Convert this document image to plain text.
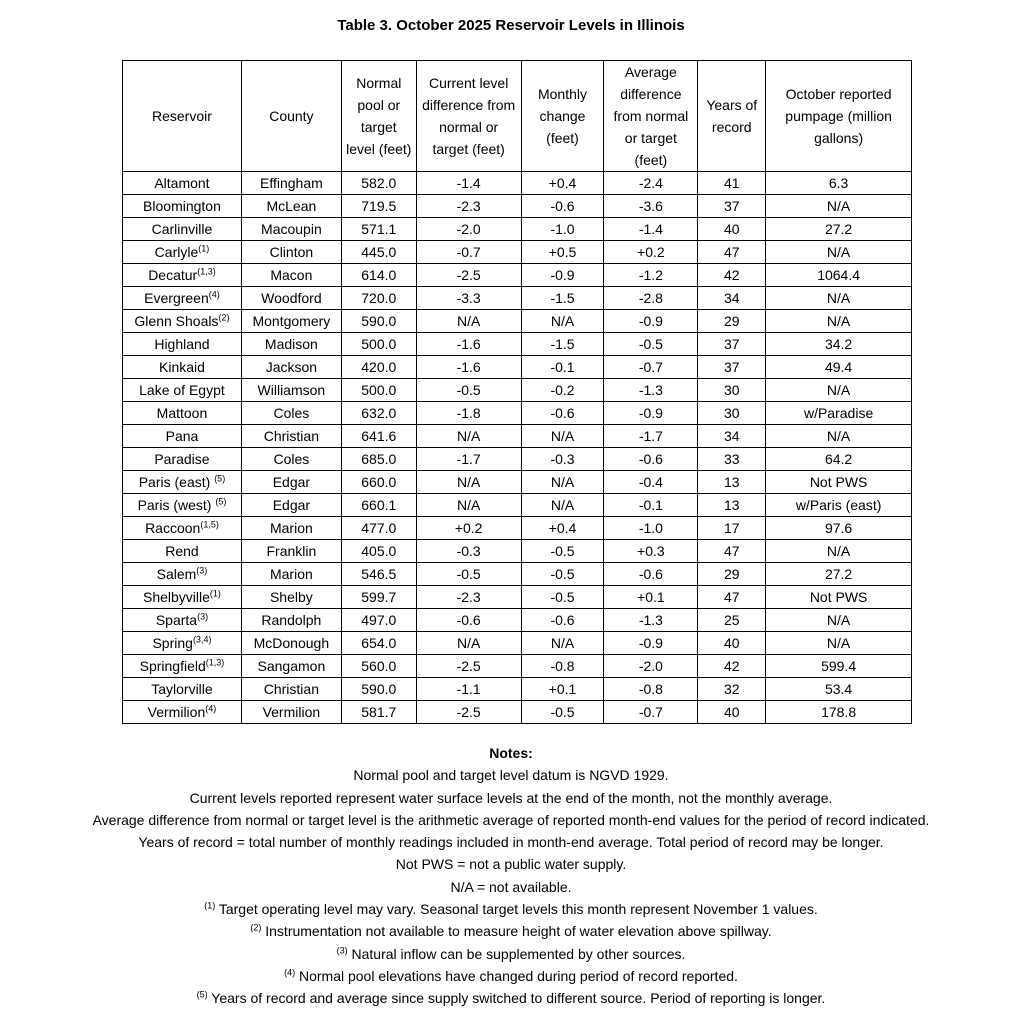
Table 3. October 2025 Reservoir Levels in Illinois
Reservoir	County	Normal pool or target level (feet)	Current level difference from normal or target (feet)	Monthly change (feet)	Average difference from normal or target (feet)	Years of record	October reported pumpage (million gallons)
Altamont	Effingham	582.0	-1.4	+0.4	-2.4	41	6.3
Bloomington	McLean	719.5	-2.3	-0.6	-3.6	37	N/A
Carlinville	Macoupin	571.1	-2.0	-1.0	-1.4	40	27.2
Carlyle$^{(1)}$	Clinton	445.0	-0.7	+0.5	+0.2	47	N/A
Decatur$^{(1,3)}$	Macon	614.0	-2.5	-0.9	-1.2	42	1064.4
Evergreen$^{(4)}$	Woodford	720.0	-3.3	-1.5	-2.8	34	N/A
Glenn Shoals$^{(2)}$	Montgomery	590.0	N/A	N/A	-0.9	29	N/A
Highland	Madison	500.0	-1.6	-1.5	-0.5	37	34.2
Kinkaid	Jackson	420.0	-1.6	-0.1	-0.7	37	49.4
Lake of Egypt	Williamson	500.0	-0.5	-0.2	-1.3	30	N/A
Mattoon	Coles	632.0	-1.8	-0.6	-0.9	30	w/Paradise
Pana	Christian	641.6	N/A	N/A	-1.7	34	N/A
Paradise	Coles	685.0	-1.7	-0.3	-0.6	33	64.2
Paris (east) $^{(5)}$	Edgar	660.0	N/A	N/A	-0.4	13	Not PWS
Paris (west) $^{(5)}$	Edgar	660.1	N/A	N/A	-0.1	13	w/Paris (east)
Raccoon$^{(1,5)}$	Marion	477.0	+0.2	+0.4	-1.0	17	97.6
Rend	Franklin	405.0	-0.3	-0.5	+0.3	47	N/A
Salem$^{(3)}$	Marion	546.5	-0.5	-0.5	-0.6	29	27.2
Shelbyville$^{(1)}$	Shelby	599.7	-2.3	-0.5	+0.1	47	Not PWS
Sparta$^{(3)}$	Randolph	497.0	-0.6	-0.6	-1.3	25	N/A
Spring$^{(3,4)}$	McDonough	654.0	N/A	N/A	-0.9	40	N/A
Springfield$^{(1,3)}$	Sangamon	560.0	-2.5	-0.8	-2.0	42	599.4
Taylorville	Christian	590.0	-1.1	+0.1	-0.8	32	53.4
Vermilion$^{(4)}$	Vermilion	581.7	-2.5	-0.5	-0.7	40	178.8
Notes:
Normal pool and target level datum is NGVD 1929.
Current levels reported represent water surface levels at the end of the month, not the monthly average.
Average difference from normal or target level is the arithmetic average of reported month-end values for the period of record indicated.
Years of record = total number of monthly readings included in month-end average. Total period of record may be longer.
Not PWS = not a public water supply.
N/A = not available.
$^{(1)}$ Target operating level may vary. Seasonal target levels this month represent November 1 values.
$^{(2)}$ Instrumentation not available to measure height of water elevation above spillway.
$^{(3)}$ Natural inflow can be supplemented by other sources.
$^{(4)}$ Normal pool elevations have changed during period of record reported.
$^{(5)}$ Years of record and average since supply switched to different source. Period of reporting is longer.
